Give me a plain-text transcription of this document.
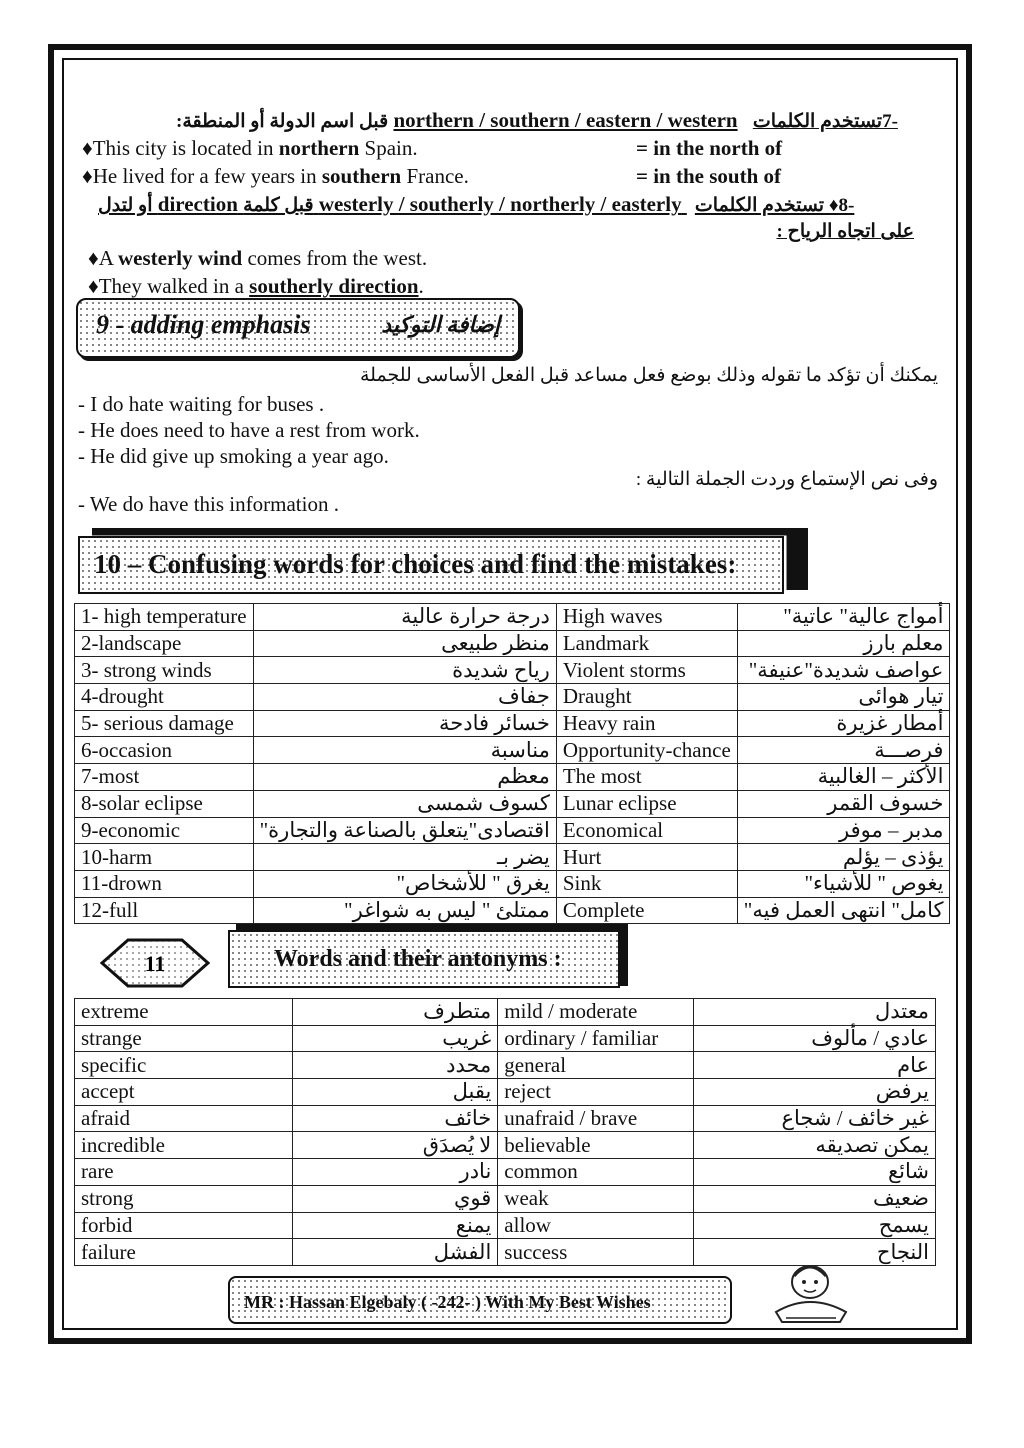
قبل اسم الدولة أو المنطقة: northern / southern / eastern / western -7تستخدم الكلمات
♦This city is located in northern Spain.	= in the north of
♦He lived for a few years in southern France.	= in the south of
أو لتدل direction قبل كلمة westerly / southerly / northerly / easterly -8♦ تستخدم الكلمات
على اتجاه الرياح :
♦A westerly wind comes from the west.
♦They walked in a southerly direction.
9 - adding emphasis	إضافة التوكيد
يمكنك أن تؤكد ما تقوله وذلك بوضع فعل مساعد قبل الفعل الأساسى للجملة
- I do hate waiting for buses .
- He does need to have a rest from work.
- He did give up smoking a year ago.
وفى نص الإستماع وردت الجملة التالية :
- We do have this information .
10 – Confusing words for choices and find the mistakes:
1- high temperature	درجة حرارة عالية	High waves	أمواج عالية" عاتية"
2-landscape	منظر طبيعى	Landmark	معلم بارز
3- strong winds	رياح شديدة	Violent storms	عواصف شديدة"عنيفة"
4-drought	جفاف	Draught	تيار هوائى
5- serious damage	خسائر فادحة	Heavy rain	أمطار غزيرة
6-occasion	مناسبة	Opportunity-chance	فرصـــة
7-most	معظم	The most	الأكثر – الغالبية
8-solar eclipse	كسوف شمسى	Lunar eclipse	خسوف القمر
9-economic	اقتصادى"يتعلق بالصناعة والتجارة"	Economical	مدبر – موفر
10-harm	يضر بـ	Hurt	يؤذى – يؤلم
11-drown	يغرق " للأشخاص"	Sink	يغوص " للأشياء"
12-full	ممتلئ " ليس به شواغر"	Complete	كامل" انتهى العمل فيه"
11	Words and their antonyms :
extreme	متطرف	mild / moderate	معتدل
strange	غريب	ordinary / familiar	عادي / مألوف
specific	محدد	general	عام
accept	يقبل	reject	يرفض
afraid	خائف	unafraid / brave	غير خائف / شجاع
incredible	لا يُصدَق	believable	يمكن تصديقه
rare	نادر	common	شائع
strong	قوي	weak	ضعيف
forbid	يمنع	allow	يسمح
failure	الفشل	success	النجاح
MR : Hassan Elgebaly ( -242- ) With My Best Wishes
